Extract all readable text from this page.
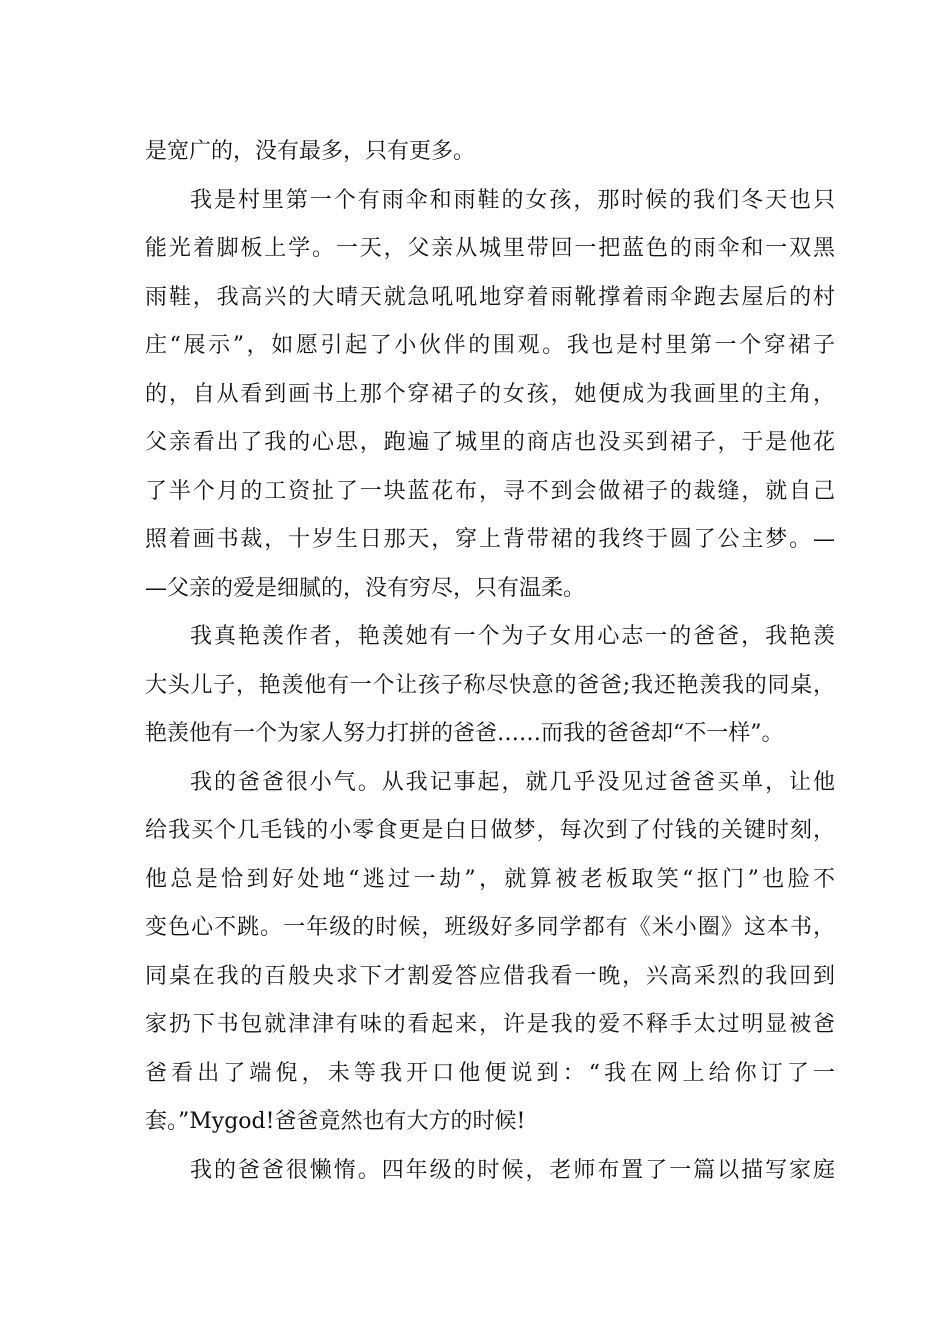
是宽广的，没有最多，只有更多。
我是村里第一个有雨伞和雨鞋的女孩，那时候的我们冬天也只
能光着脚板上学。一天，父亲从城里带回一把蓝色的雨伞和一双黑
雨鞋，我高兴的大晴天就急吼吼地穿着雨靴撑着雨伞跑去屋后的村
庄“展示”，如愿引起了小伙伴的围观。我也是村里第一个穿裙子
的，自从看到画书上那个穿裙子的女孩，她便成为我画里的主角，
父亲看出了我的心思，跑遍了城里的商店也没买到裙子，于是他花
了半个月的工资扯了一块蓝花布，寻不到会做裙子的裁缝，就自己
照着画书裁，十岁生日那天，穿上背带裙的我终于圆了公主梦。—
—父亲的爱是细腻的，没有穷尽，只有温柔。
我真艳羡作者，艳羡她有一个为子女用心志一的爸爸，我艳羡
大头儿子，艳羡他有一个让孩子称尽快意的爸爸;我还艳羡我的同桌，
艳羡他有一个为家人努力打拼的爸爸……而我的爸爸却“不一样”。
我的爸爸很小气。从我记事起，就几乎没见过爸爸买单，让他
给我买个几毛钱的小零食更是白日做梦，每次到了付钱的关键时刻，
他总是恰到好处地“逃过一劫”，就算被老板取笑“抠门”也脸不
变色心不跳。一年级的时候，班级好多同学都有《米小圈》这本书，
同桌在我的百般央求下才割爱答应借我看一晚，兴高采烈的我回到
家扔下书包就津津有味的看起来，许是我的爱不释手太过明显被爸
爸看出了端倪，未等我开口他便说到：“我在网上给你订了一
套。”Mygod!爸爸竟然也有大方的时候!
我的爸爸很懒惰。四年级的时候，老师布置了一篇以描写家庭
